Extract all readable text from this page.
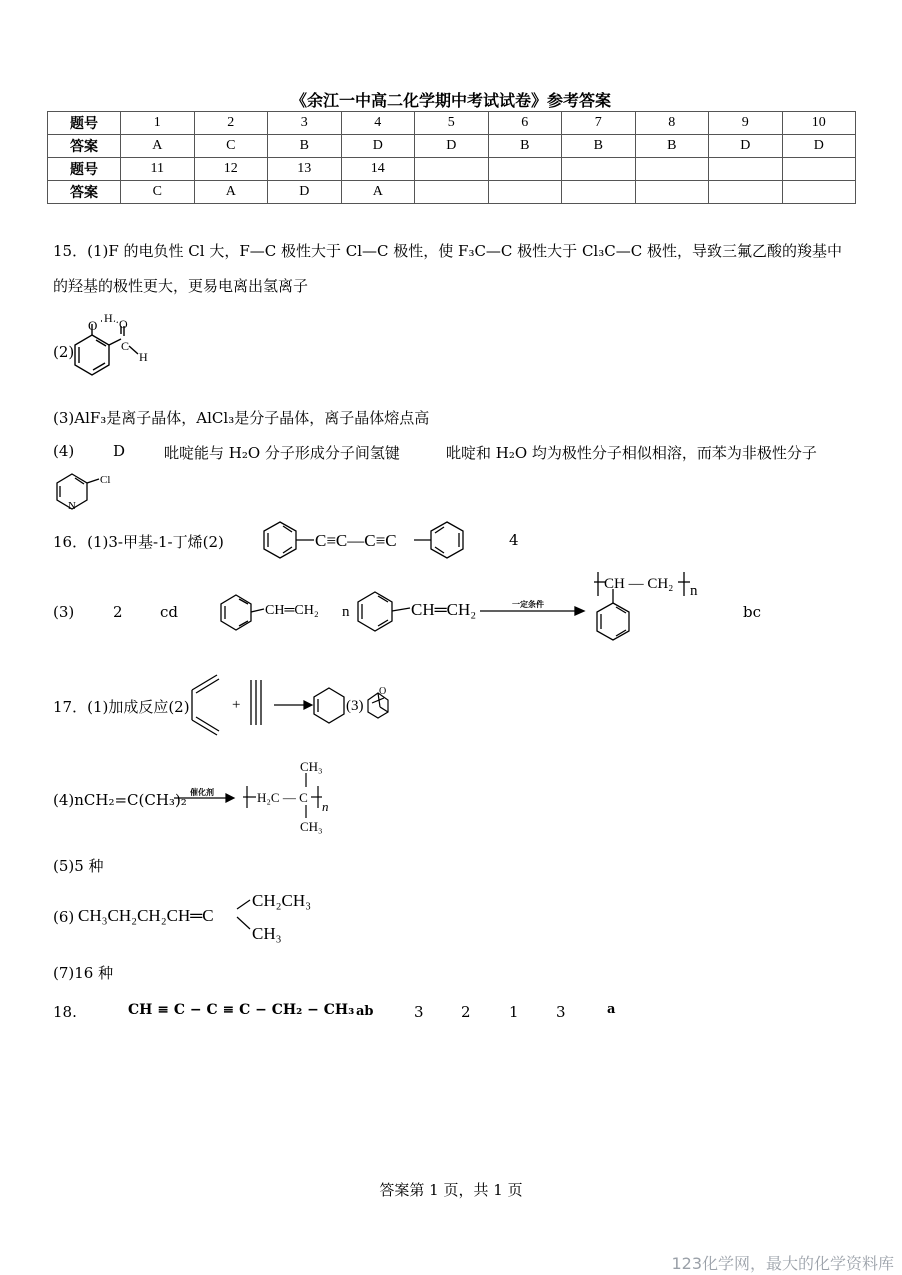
《余江一中高二化学期中考试试卷》参考答案
题号	1	2	3	4	5	6	7	8	9	10
答案	A	C	B	D	D	B	B	B	D	D
题号	11	12	13	14						
答案	C	A	D	A						
15．(1)F 的电负性 Cl 大，F—C 极性大于 Cl—C 极性，使 F₃C—C 极性大于 Cl₃C—C 极性，导致三氟乙酸的羧基中
的羟基的极性更大，更易电离出氢离子
(2)
O H O
C
H
N
Cl
C≡C—C≡C
CH═CH₂ n	CH═CH₂	一定条件
CH — CH₂ n
+	(3)
O
催化剂
CH₃
H₂C — C
n
CH₃
CH₃CH₂CH₂CH═C
CH₂CH₃
CH₃
(3)AlF₃是离子晶体，AlCl₃是分子晶体，离子晶体熔点高
(4)	D	吡啶能与 H₂O 分子形成分子间氢键	吡啶和 H₂O 均为极性分子相似相溶，而苯为非极性分子
16．(1)3-甲基-1-丁烯(2)	4
(3)	2 cd	bc
17．(1)加成反应(2)
(4)nCH₂=C(CH₃)₂
(5)5 种
(6)
(7)16 种
18.	CH ≡ C − C ≡ C − CH₂ − CH₃ ab	3 2	1 3	a
答案第 1 页，共 1 页
123化学网，最大的化学资料库
